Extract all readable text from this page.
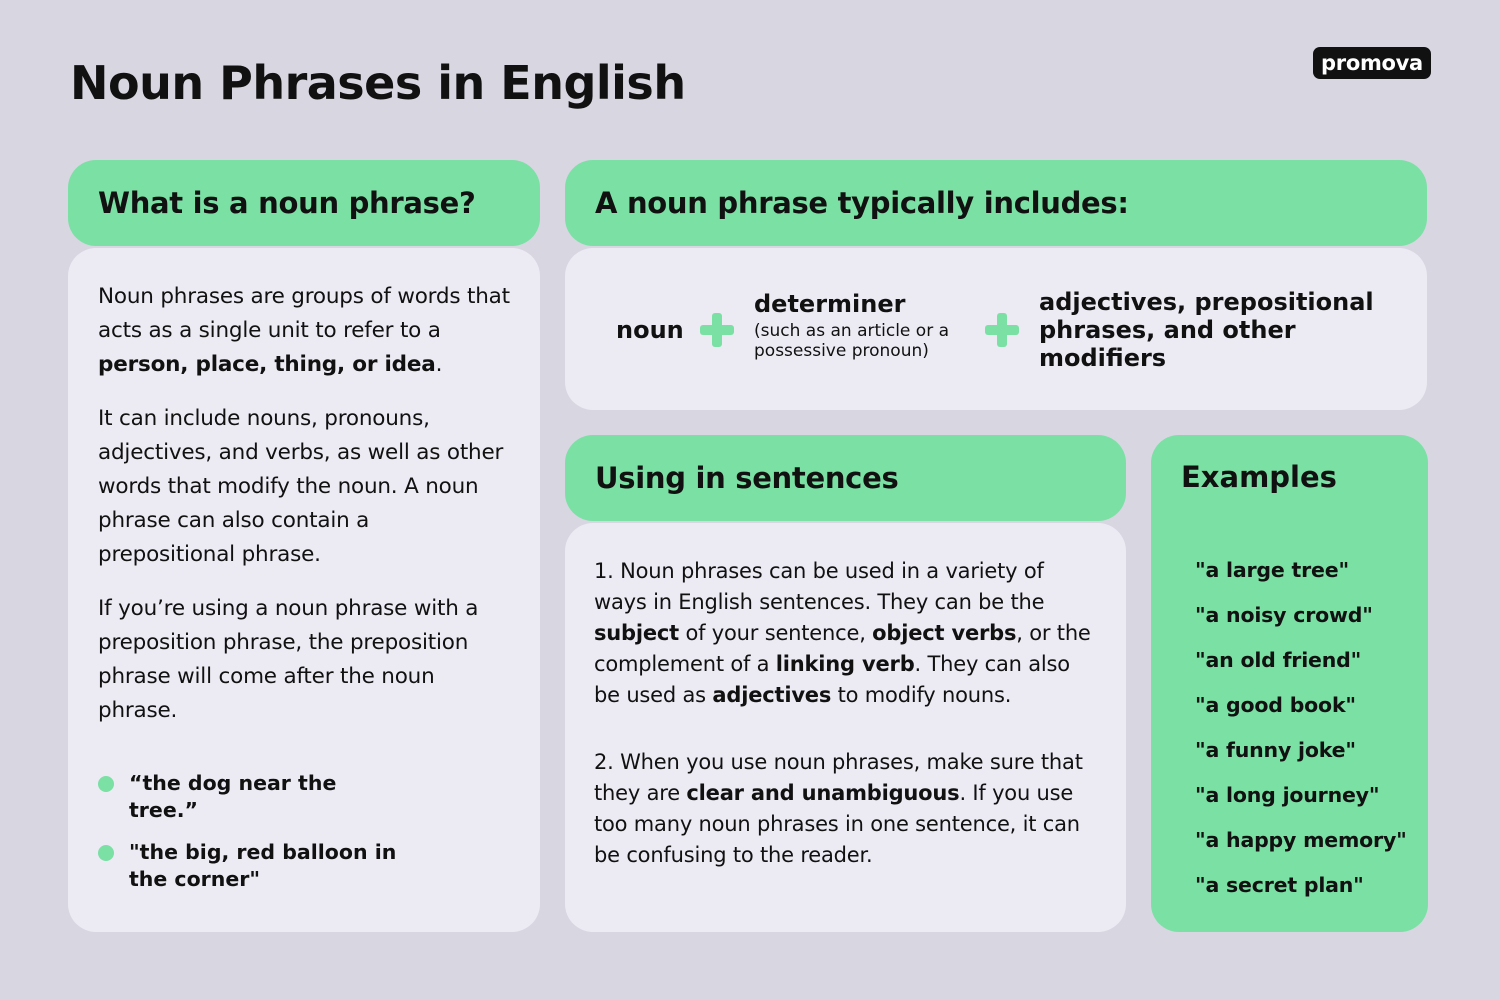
Noun Phrases in English	promova
What is a noun phrase?

Noun phrases are groups of words that acts as a single unit to refer to a person, place, thing, or idea.

It can include nouns, pronouns, adjectives, and verbs, as well as other words that modify the noun. A noun phrase can also contain a prepositional phrase.

If you’re using a noun phrase with a preposition phrase, the preposition phrase will come after the noun phrase.

“the dog near the tree.”
"the big, red balloon in the corner"
A noun phrase typically includes:
noun
determiner
(such as an article or a possessive pronoun)
adjectives, prepositional phrases, and other modifiers
Using in sentences

1. Noun phrases can be used in a variety of ways in English sentences. They can be the subject of your sentence, object verbs, or the complement of a linking verb. They can also be used as adjectives to modify nouns.

2. When you use noun phrases, make sure that they are clear and unambiguous. If you use too many noun phrases in one sentence, it can be confusing to the reader.

Examples
"a large tree"
"a noisy crowd"
"an old friend"
"a good book"
"a funny joke"
"a long journey"
"a happy memory"
"a secret plan"
